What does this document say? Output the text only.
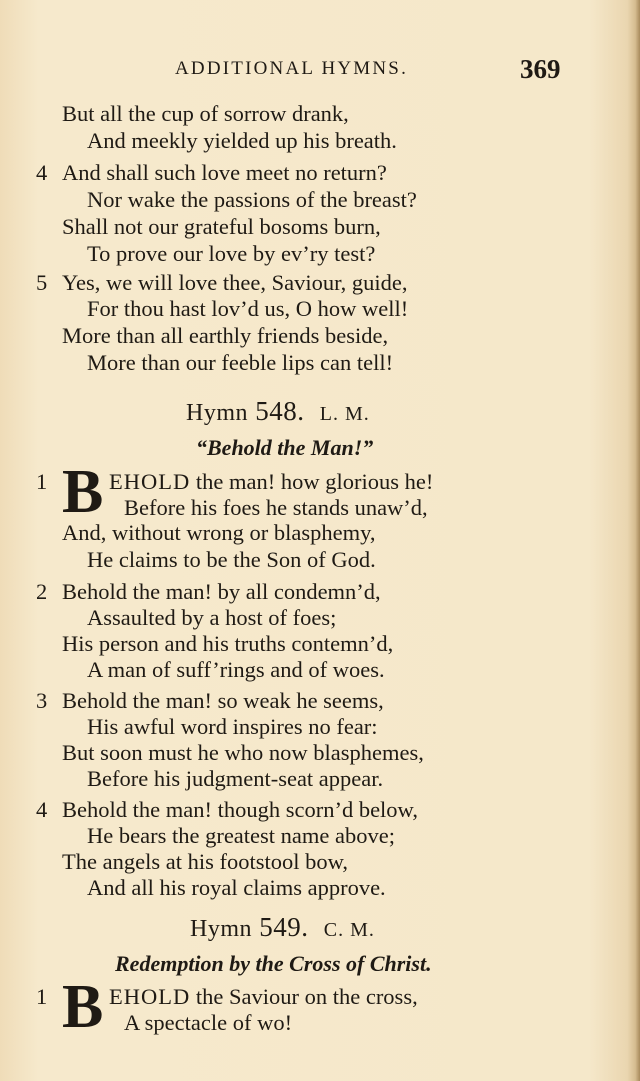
ADDITIONAL HYMNS.	369
But all the cup of sorrow drank,
And meekly yielded up his breath.
4 And shall such love meet no return?
Nor wake the passions of the breast?
Shall not our grateful bosoms burn,
To prove our love by ev’ry test?
5 Yes, we will love thee, Saviour, guide,
For thou hast lov’d us, O how well!
More than all earthly friends beside,
More than our feeble lips can tell!
Hymn 548. L. M.
“Behold the Man!”
1 B EHOLD the man! how glorious he!
Before his foes he stands unaw’d,
And, without wrong or blasphemy,
He claims to be the Son of God.
2 Behold the man! by all condemn’d,
Assaulted by a host of foes;
His person and his truths contemn’d,
A man of suff’rings and of woes.
3 Behold the man! so weak he seems,
His awful word inspires no fear:
But soon must he who now blasphemes,
Before his judgment-seat appear.
4 Behold the man! though scorn’d below,
He bears the greatest name above;
The angels at his footstool bow,
And all his royal claims approve.
Hymn 549. C. M.
Redemption by the Cross of Christ.
1 B EHOLD the Saviour on the cross,
A spectacle of wo!
